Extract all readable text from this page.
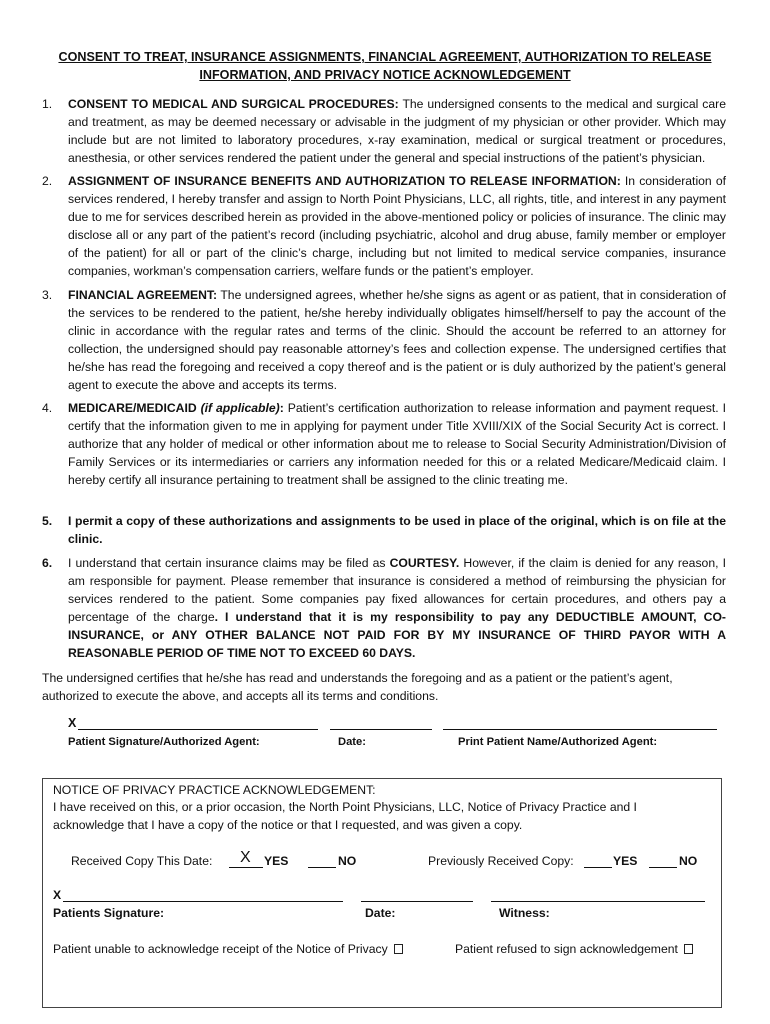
CONSENT TO TREAT, INSURANCE ASSIGNMENTS, FINANCIAL AGREEMENT, AUTHORIZATION TO RELEASE INFORMATION, AND PRIVACY NOTICE ACKNOWLEDGEMENT
1.	CONSENT TO MEDICAL AND SURGICAL PROCEDURES: The undersigned consents to the medical and surgical care and treatment, as may be deemed necessary or advisable in the judgment of my physician or other provider. Which may include but are not limited to laboratory procedures, x-ray examination, medical or surgical treatment or procedures, anesthesia, or other services rendered the patient under the general and special instructions of the patient’s physician.
2.	ASSIGNMENT OF INSURANCE BENEFITS AND AUTHORIZATION TO RELEASE INFORMATION: In consideration of services rendered, I hereby transfer and assign to North Point Physicians, LLC, all rights, title, and interest in any payment due to me for services described herein as provided in the above-mentioned policy or policies of insurance. The clinic may disclose all or any part of the patient’s record (including psychiatric, alcohol and drug abuse, family member or employer of the patient) for all or part of the clinic’s charge, including but not limited to medical service companies, insurance companies, workman’s compensation carriers, welfare funds or the patient’s employer.
3.	FINANCIAL AGREEMENT: The undersigned agrees, whether he/she signs as agent or as patient, that in consideration of the services to be rendered to the patient, he/she hereby individually obligates himself/herself to pay the account of the clinic in accordance with the regular rates and terms of the clinic. Should the account be referred to an attorney for collection, the undersigned should pay reasonable attorney’s fees and collection expense. The undersigned certifies that he/she has read the foregoing and received a copy thereof and is the patient or is duly authorized by the patient’s general agent to execute the above and accepts its terms.
4.	MEDICARE/MEDICAID (if applicable): Patient’s certification authorization to release information and payment request. I certify that the information given to me in applying for payment under Title XVIII/XIX of the Social Security Act is correct. I authorize that any holder of medical or other information about me to release to Social Security Administration/Division of Family Services or its intermediaries or carriers any information needed for this or a related Medicare/Medicaid claim. I hereby certify all insurance pertaining to treatment shall be assigned to the clinic treating me.
5.	I permit a copy of these authorizations and assignments to be used in place of the original, which is on file at the clinic.
6.	I understand that certain insurance claims may be filed as COURTESY. However, if the claim is denied for any reason, I am responsible for payment. Please remember that insurance is considered a method of reimbursing the physician for services rendered to the patient. Some companies pay fixed allowances for certain procedures, and others pay a percentage of the charge. I understand that it is my responsibility to pay any DEDUCTIBLE AMOUNT, CO-INSURANCE, or ANY OTHER BALANCE NOT PAID FOR BY MY INSURANCE OF THIRD PAYOR WITH A REASONABLE PERIOD OF TIME NOT TO EXCEED 60 DAYS.
The undersigned certifies that he/she has read and understands the foregoing and as a patient or the patient’s agent, authorized to execute the above, and accepts all its terms and conditions.
X
Patient Signature/Authorized Agent:	Date:	Print Patient Name/Authorized Agent:
NOTICE OF PRIVACY PRACTICE ACKNOWLEDGEMENT:
I have received on this, or a prior occasion, the North Point Physicians, LLC, Notice of Privacy Practice and I
acknowledge that I have a copy of the notice or that I requested, and was given a copy.
Received Copy This Date: X YES	NO	Previously Received Copy:	YES	NO
X
Patients Signature:	Date:	Witness:
Patient unable to acknowledge receipt of the Notice of Privacy	Patient refused to sign acknowledgement
